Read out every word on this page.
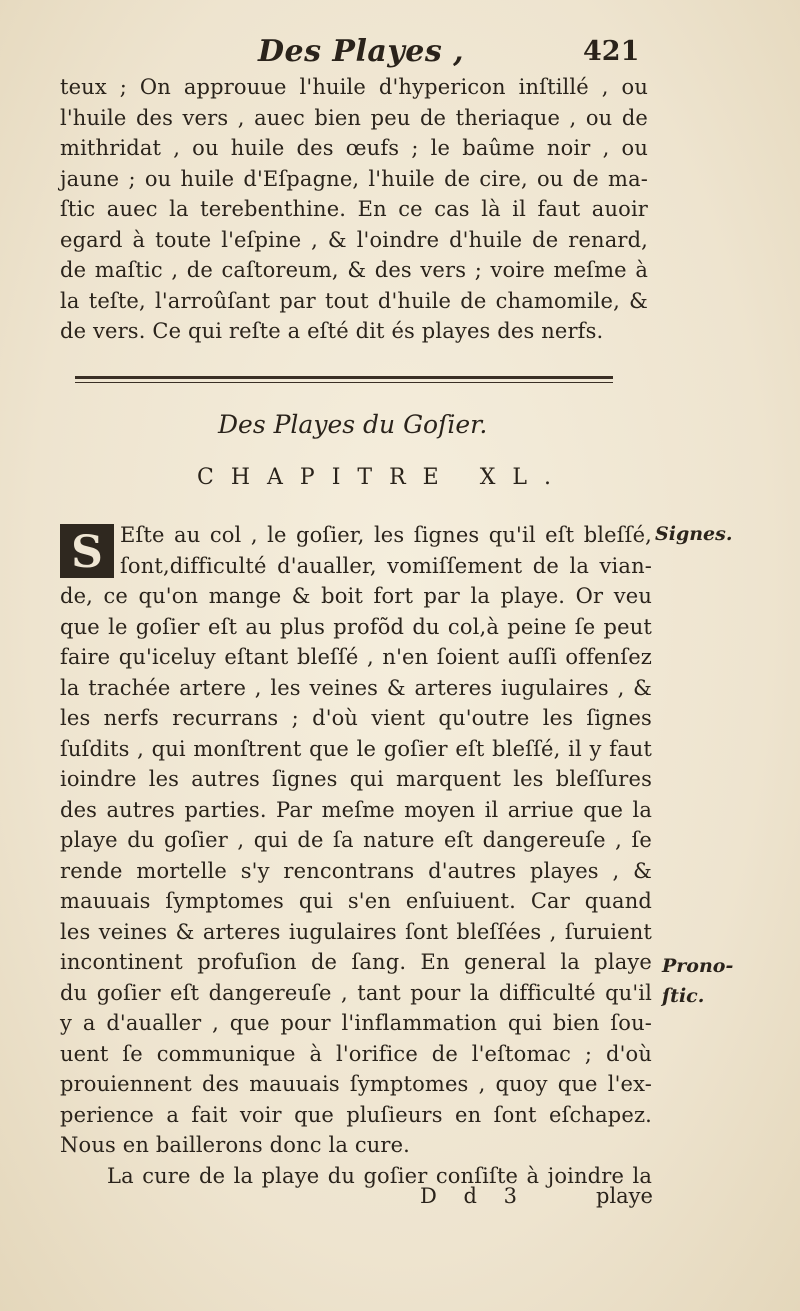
Des Playes ,	421
teux ; On approuue l'huile d'hypericon inſtillé , ou
l'huile des vers , auec bien peu de theriaque , ou de
mithridat , ou huile des œufs ; le baûme noir , ou
jaune ; ou huile d'Eſpagne, l'huile de cire, ou de ma-
ſtic auec la terebenthine. En ce cas là il faut auoir
egard à toute l'eſpine , & l'oindre d'huile de renard,
de maſtic , de caſtoreum, & des vers ; voire meſme à
la teſte, l'arroûſant par tout d'huile de chamomile, &
de vers. Ce qui reſte a eſté dit és playes des nerfs.
Des Playes du Goſier.
CHAPITRE XL.
S Eſte au col , le goſier, les ſignes qu'il eſt bleſſé,
ſont,difficulté d'aualler, vomiſſement de la vian-
de, ce qu'on mange & boit fort par la playe. Or veu
que le goſier eſt au plus profõd du col,à peine ſe peut
faire qu'iceluy eſtant bleſſé , n'en ſoient auſſi offenſez
la trachée artere , les veines & arteres iugulaires , &
les nerfs recurrans ; d'où vient qu'outre les ſignes
ſuſdits , qui monſtrent que le goſier eſt bleſſé, il y faut
ioindre les autres ſignes qui marquent les bleſſures
des autres parties. Par meſme moyen il arriue que la
playe du goſier , qui de ſa nature eſt dangereuſe , ſe
rende mortelle s'y rencontrans d'autres playes , &
mauuais ſymptomes qui s'en enſuiuent. Car quand
les veines & arteres iugulaires ſont bleſſées , ſuruient
incontinent profuſion de ſang. En general la playe
du goſier eſt dangereuſe , tant pour la difficulté qu'il
y a d'aualler , que pour l'inflammation qui bien ſou-
uent ſe communique à l'orifice de l'eſtomac ; d'où
prouiennent des mauuais ſymptomes , quoy que l'ex-
perience a fait voir que pluſieurs en ſont eſchapez.
Nous en baillerons donc la cure.
La cure de la playe du goſier conſiſte à joindre la
Signes.
Prono-
ſtic.
D d 3	playe
